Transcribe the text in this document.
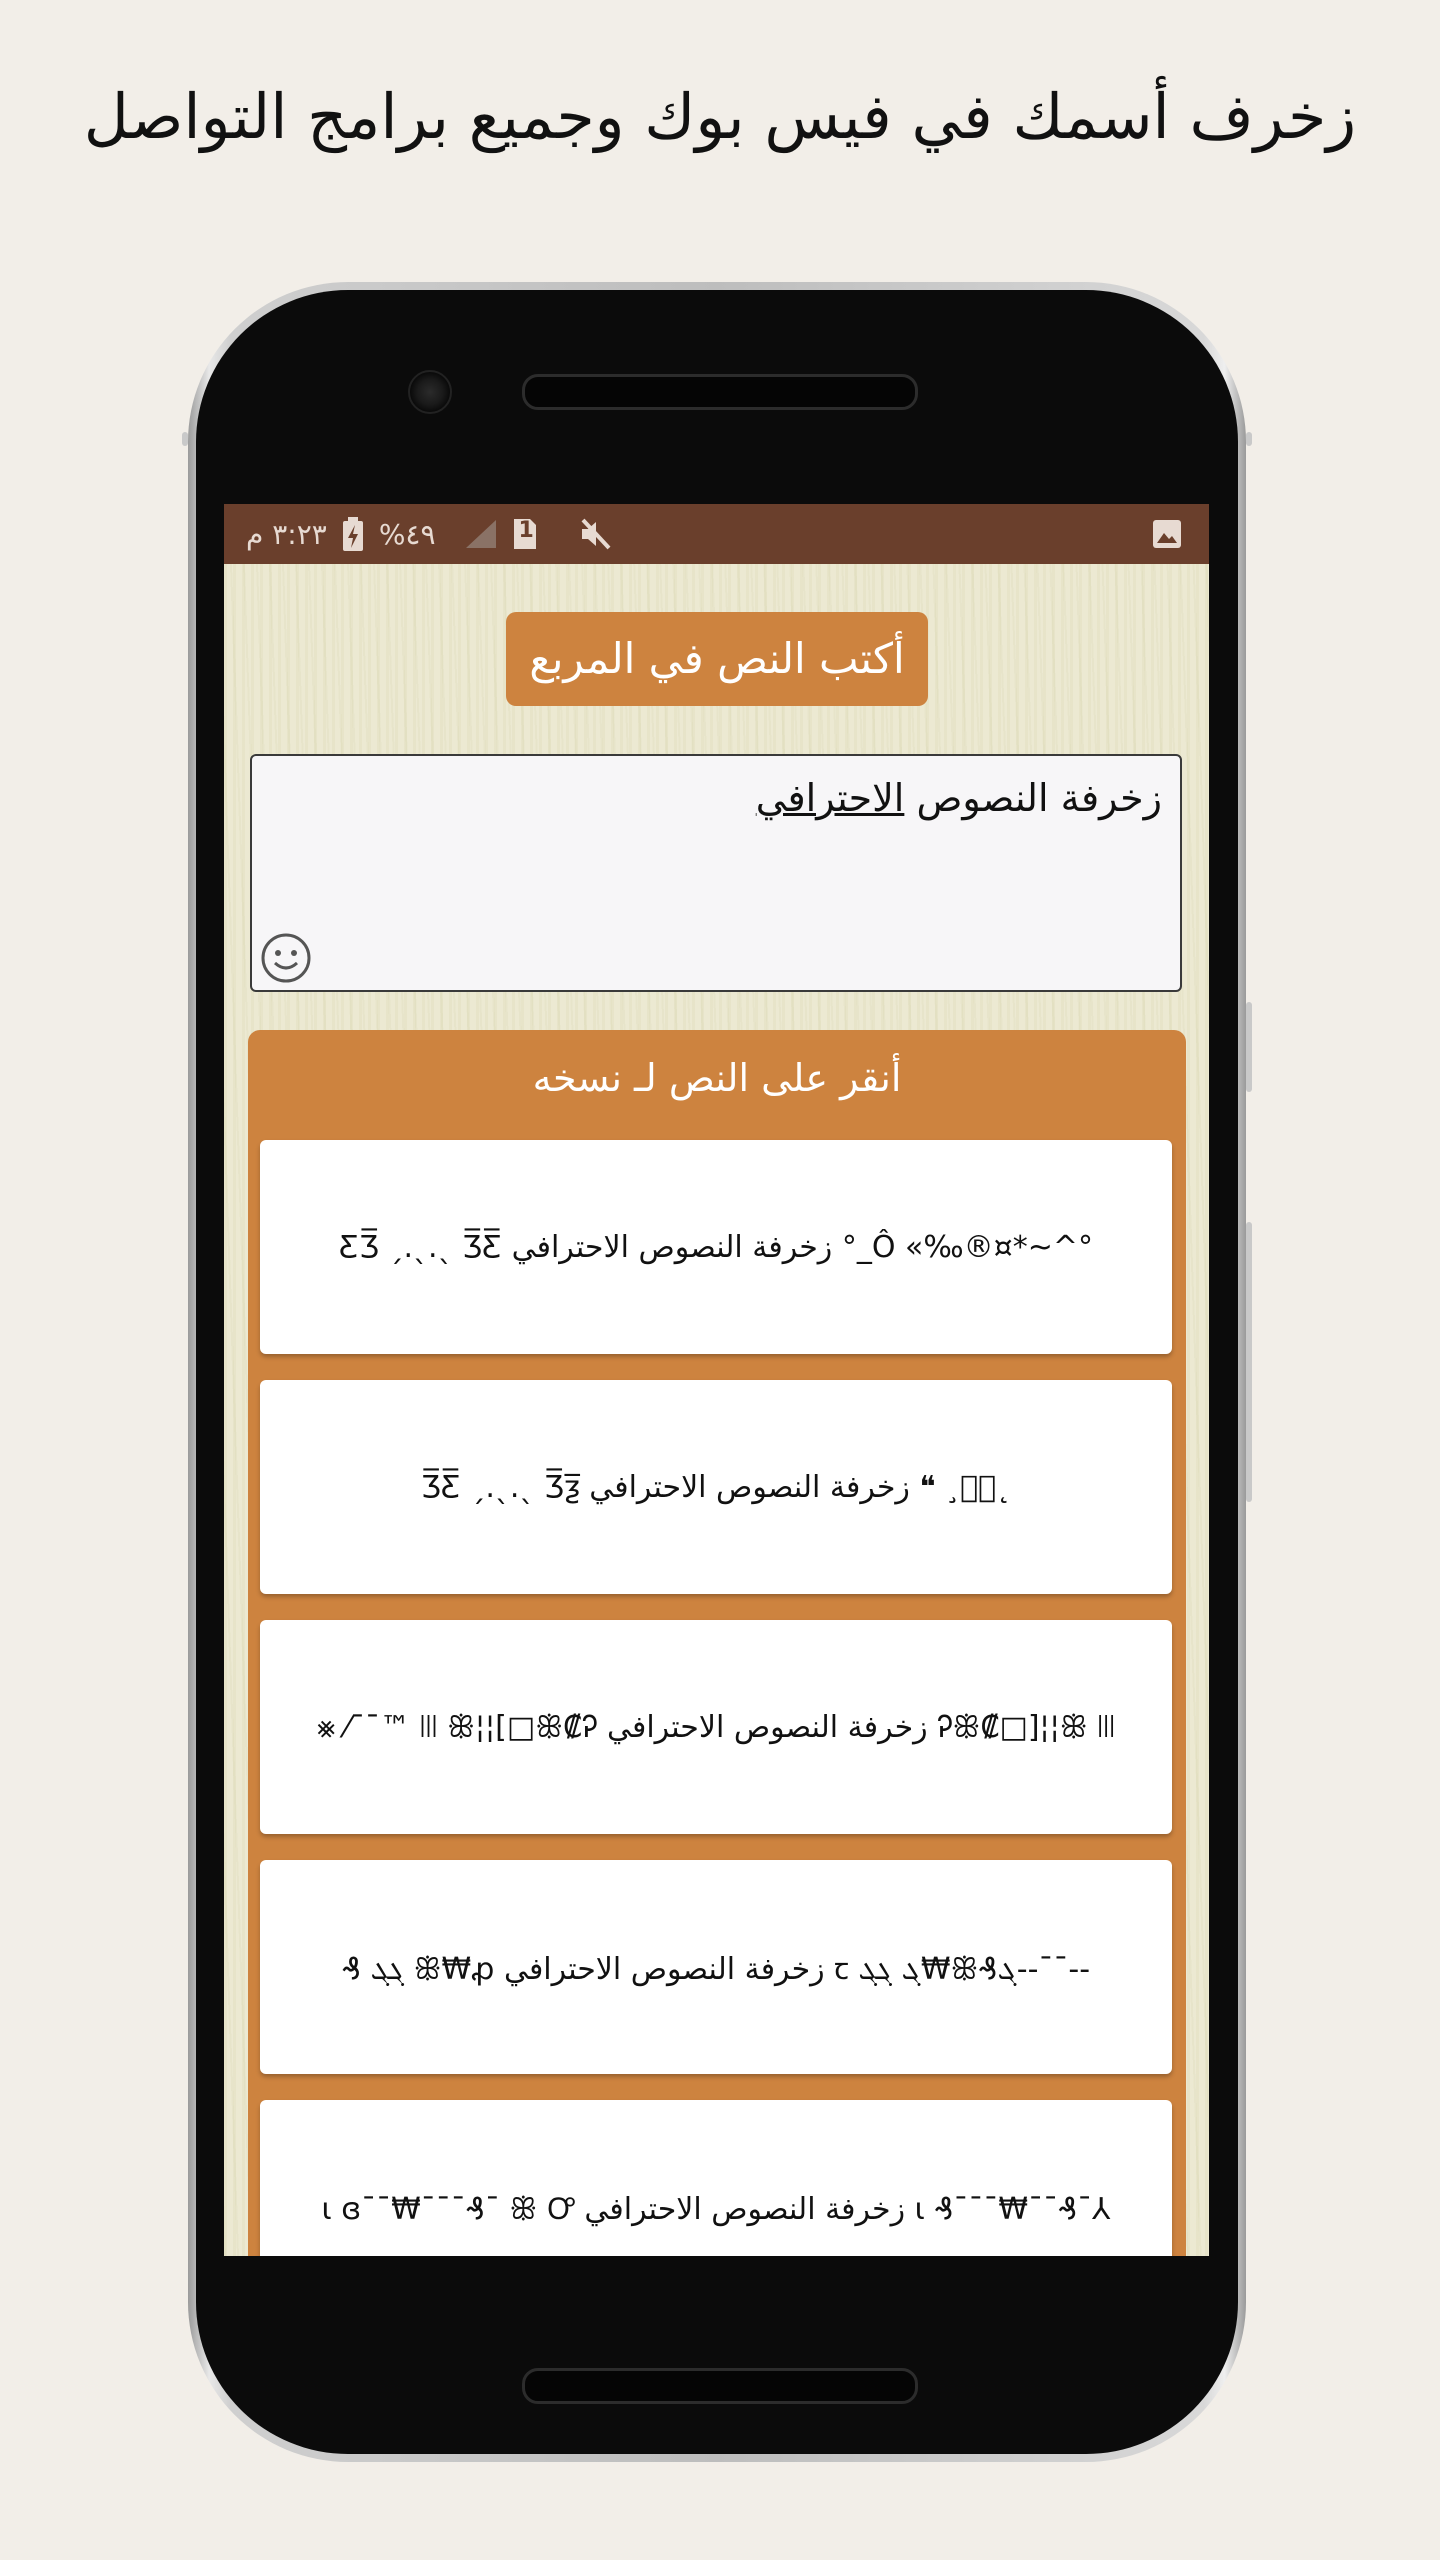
زخرف أسمك في فيس بوك وجميع برامج التواصل
٣:٢٣ م %٤٩	1
أكتب النص في المربع
زخرفة النصوص الاحترافي
أنقر على النص لـ نسخه
°^~*¤®‰» Ô_° زخرفة النصوص الاحترافي ƸƷ̅ ˏ.ˎ.ˎ Ʒ̅Ƹ̅
˛¸ͦ⃝ ❝ زخرفة النصوص الاحترافي Ʒ̅Ƹ̅ ˏ.ˎ.ˎ Ʒ̅ƺ̅
ꕥ ꔖ¦¦[□₡Ꭾꕥ زخرفة النصوص الاحترافي ꕥ₡Ꭾ□]¦¦ꔖ ꕥ ™¯¯⁄ ⨳
--¯¯--ܓ₰ꕥ₩ܓ ܓܓ ꞇ زخرفة النصوص الاحترافي ꕥ₩ꝓ ܓܓ ₰
⅄ˉ₰ˉˉ₩ˉˉˉ₰ ɩ زخرفة النصوص الاحترافي ɩ ɞˉˉ₩ˉˉˉ₰ˉ ꕥ Ꝍ
